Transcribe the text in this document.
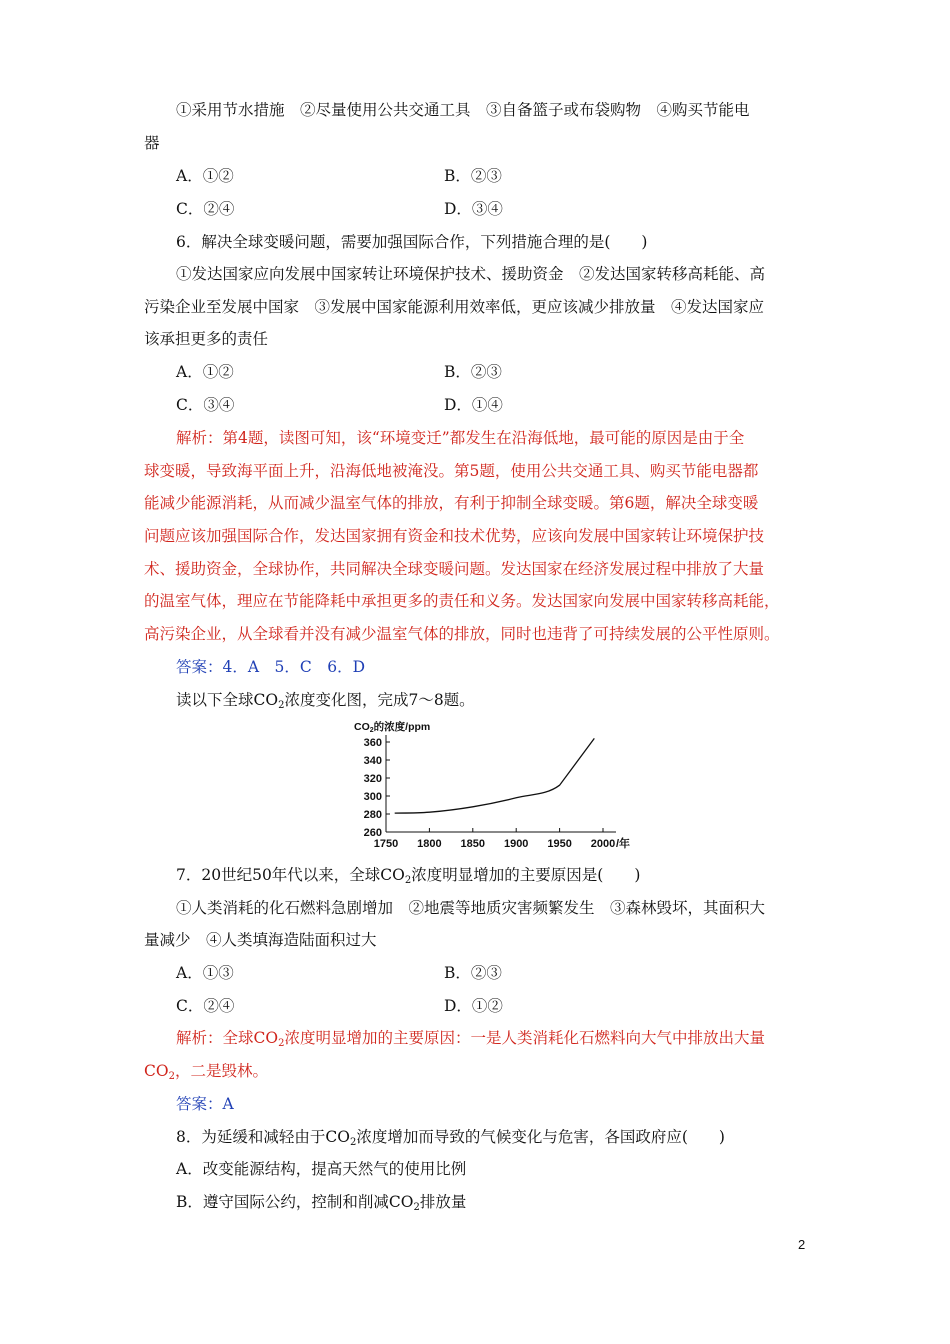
①采用节水措施　②尽量使用公共交通工具　③自备篮子或布袋购物　④购买节能电
器
A．①②	B．②③
C．②④	D．③④
6．解决全球变暖问题，需要加强国际合作，下列措施合理的是(　　)
①发达国家应向发展中国家转让环境保护技术、援助资金　②发达国家转移高耗能、高
污染企业至发展中国家　③发展中国家能源利用效率低，更应该减少排放量　④发达国家应
该承担更多的责任
A．①②	B．②③
C．③④	D．①④
解析：第4题，读图可知，该“环境变迁”都发生在沿海低地，最可能的原因是由于全
球变暖，导致海平面上升，沿海低地被淹没。第5题，使用公共交通工具、购买节能电器都
能减少能源消耗，从而减少温室气体的排放，有利于抑制全球变暖。第6题，解决全球变暖
问题应该加强国际合作，发达国家拥有资金和技术优势，应该向发展中国家转让环境保护技
术、援助资金，全球协作，共同解决全球变暖问题。发达国家在经济发展过程中排放了大量
的温室气体，理应在节能降耗中承担更多的责任和义务。发达国家向发展中国家转移高耗能，
高污染企业，从全球看并没有减少温室气体的排放，同时也违背了可持续发展的公平性原则。
答案：4．A　5．C　6．D
读以下全球$CO_2$浓度变化图，完成7～8题。
CO2的浓度/ppm
260
280
300
320
340
360
1750 1800 1850 1900 1950 2000 /年
7．20世纪50年代以来，全球$CO_2$浓度明显增加的主要原因是(　　)
①人类消耗的化石燃料急剧增加　②地震等地质灾害频繁发生　③森林毁坏，其面积大
量减少　④人类填海造陆面积过大
A．①③	B．②③
C．②④	D．①②
解析：全球$CO_2$浓度明显增加的主要原因：一是人类消耗化石燃料向大气中排放出大量
$CO_2$，二是毁林。
答案：A
8．为延缓和减轻由于$CO_2$浓度增加而导致的气候变化与危害，各国政府应(　　)
A．改变能源结构，提高天然气的使用比例
B．遵守国际公约，控制和削减$CO_2$排放量
2
